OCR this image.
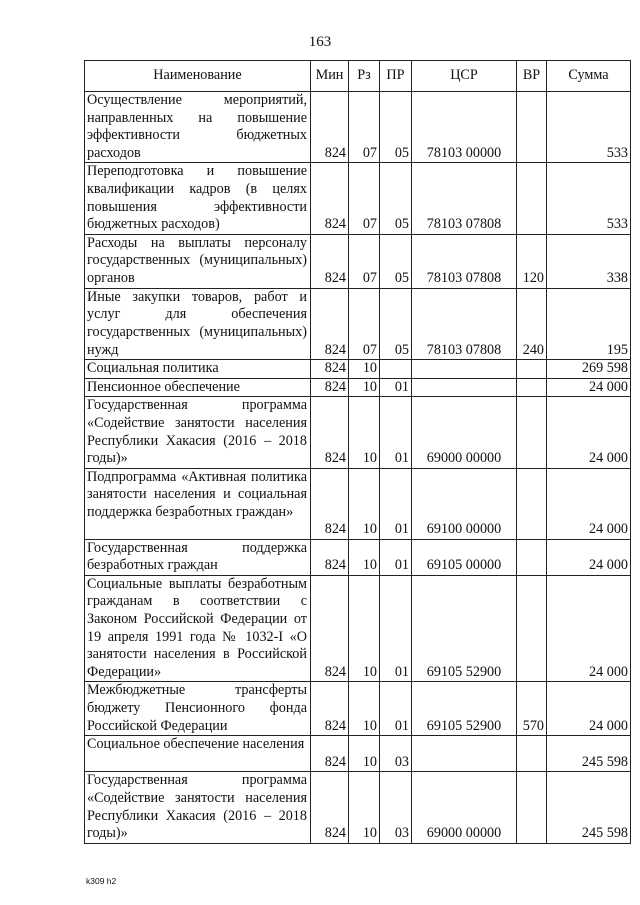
163
Наименование	Мин	Рз	ПР	ЦСР	ВР	Сумма
Осуществление мероприятий, направленных на повышение эффективности бюджетных расходов	824	07	05	78103 00000		533
Переподготовка и повышение квалификации кадров (в целях повышения эффективности бюджетных расходов)	824	07	05	78103 07808		533
Расходы на выплаты персоналу государственных (муниципальных) органов	824	07	05	78103 07808	120	338
Иные закупки товаров, работ и услуг для обеспечения государственных (муниципальных) нужд	824	07	05	78103 07808	240	195
Социальная политика	824	10				269 598
Пенсионное обеспечение	824	10	01			24 000
Государственная программа «Содействие занятости населения Республики Хакасия (2016 – 2018 годы)»	824	10	01	69000 00000		24 000
Подпрограмма «Активная политика занятости населения и социальная поддержка безработных граждан»	824	10	01	69100 00000		24 000
Государственная поддержка безработных граждан	824	10	01	69105 00000		24 000
Социальные выплаты безработным гражданам в соответствии с Законом Российской Федерации от 19 апреля 1991 года № 1032-I «О занятости населения в Российской Федерации»	824	10	01	69105 52900		24 000
Межбюджетные трансферты бюджету Пенсионного фонда Российской Федерации	824	10	01	69105 52900	570	24 000
Социальное обеспечение населения	824	10	03			245 598
Государственная программа «Содействие занятости населения Республики Хакасия (2016 – 2018 годы)»	824	10	03	69000 00000		245 598
k309 h2
